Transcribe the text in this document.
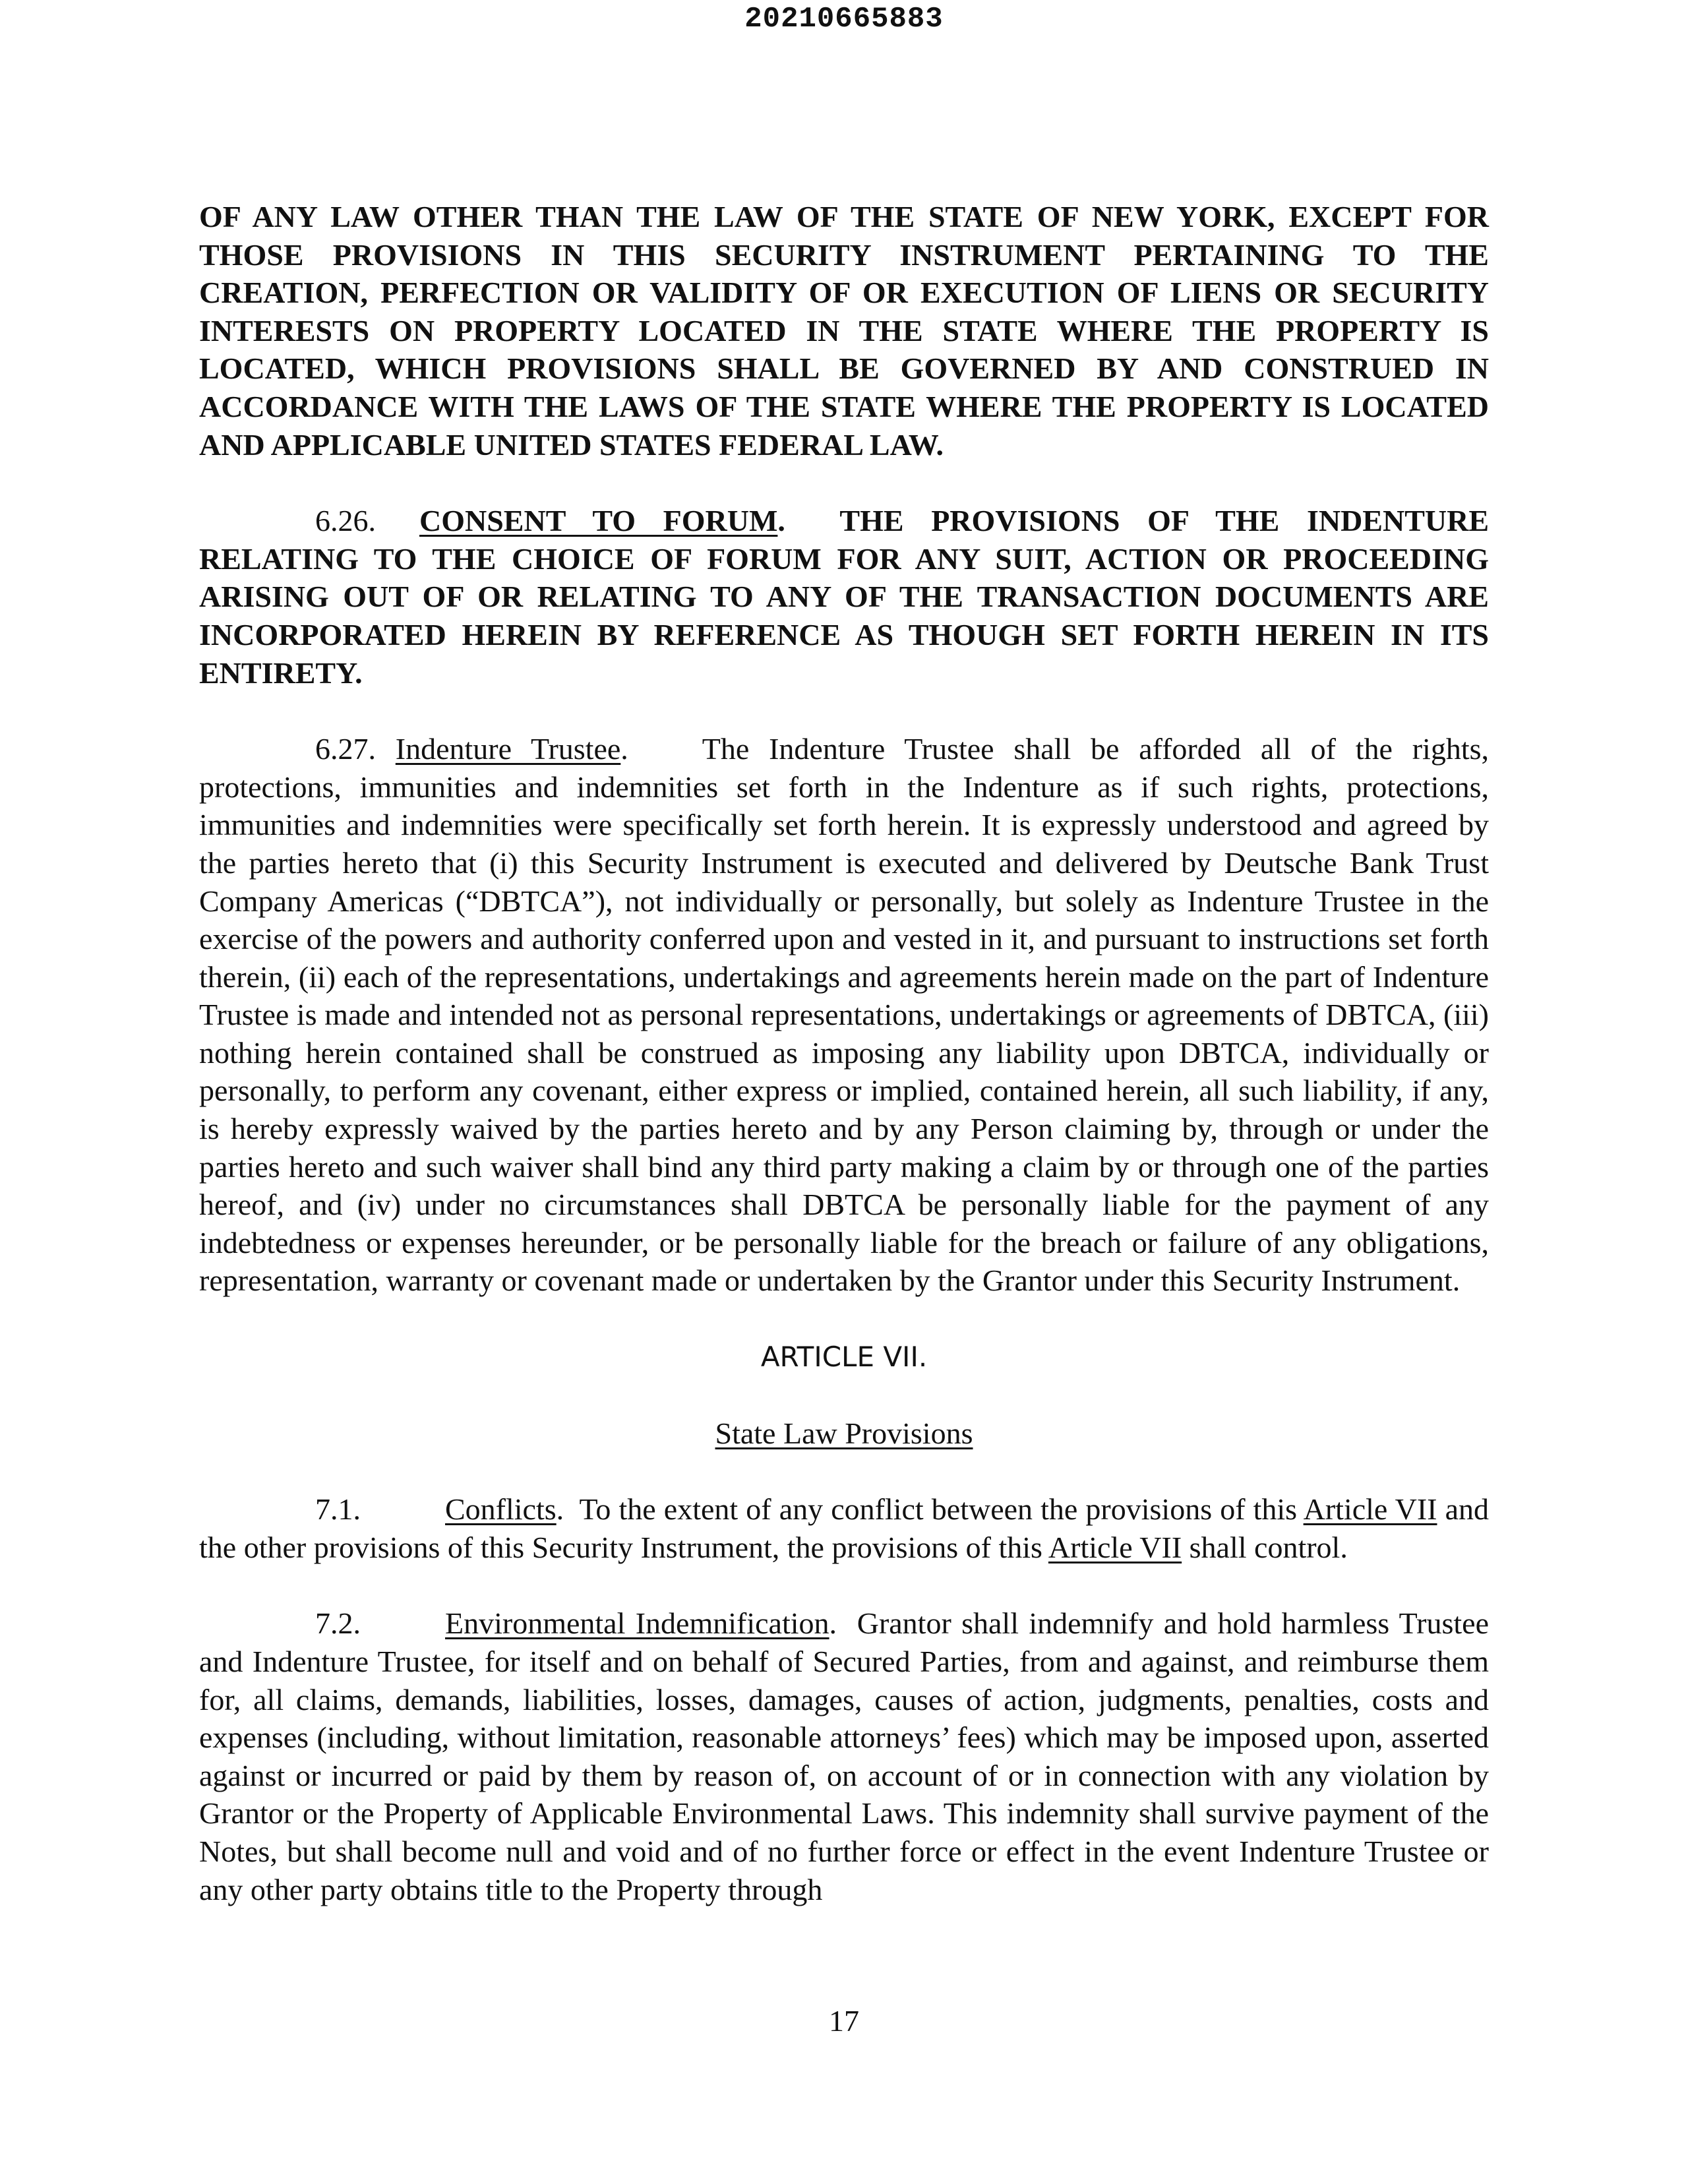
20210665883

OF ANY LAW OTHER THAN THE LAW OF THE STATE OF NEW YORK, EXCEPT FOR THOSE PROVISIONS IN THIS SECURITY INSTRUMENT PERTAINING TO THE CREATION, PERFECTION OR VALIDITY OF OR EXECUTION OF LIENS OR SECURITY INTERESTS ON PROPERTY LOCATED IN THE STATE WHERE THE PROPERTY IS LOCATED, WHICH PROVISIONS SHALL BE GOVERNED BY AND CONSTRUED IN ACCORDANCE WITH THE LAWS OF THE STATE WHERE THE PROPERTY IS LOCATED AND APPLICABLE UNITED STATES FEDERAL LAW.

6.26. CONSENT TO FORUM. THE PROVISIONS OF THE INDENTURE RELATING TO THE CHOICE OF FORUM FOR ANY SUIT, ACTION OR PROCEEDING ARISING OUT OF OR RELATING TO ANY OF THE TRANSACTION DOCUMENTS ARE INCORPORATED HEREIN BY REFERENCE AS THOUGH SET FORTH HEREIN IN ITS ENTIRETY.

6.27. Indenture Trustee. The Indenture Trustee shall be afforded all of the rights, protections, immunities and indemnities set forth in the Indenture as if such rights, protections, immunities and indemnities were specifically set forth herein. It is expressly understood and agreed by the parties hereto that (i) this Security Instrument is executed and delivered by Deutsche Bank Trust Company Americas (“DBTCA”), not individually or personally, but solely as Indenture Trustee in the exercise of the powers and authority conferred upon and vested in it, and pursuant to instructions set forth therein, (ii) each of the representations, undertakings and agreements herein made on the part of Indenture Trustee is made and intended not as personal representations, undertakings or agreements of DBTCA, (iii) nothing herein contained shall be construed as imposing any liability upon DBTCA, individually or personally, to perform any covenant, either express or implied, contained herein, all such liability, if any, is hereby expressly waived by the parties hereto and by any Person claiming by, through or under the parties hereto and such waiver shall bind any third party making a claim by or through one of the parties hereof, and (iv) under no circumstances shall DBTCA be personally liable for the payment of any indebtedness or expenses hereunder, or be personally liable for the breach or failure of any obligations, representation, warranty or covenant made or undertaken by the Grantor under this Security Instrument.

ARTICLE VII.

State Law Provisions

7.1.	Conflicts. To the extent of any conflict between the provisions of this Article VII and the other provisions of this Security Instrument, the provisions of this Article VII shall control.

7.2.	Environmental Indemnification. Grantor shall indemnify and hold harmless Trustee and Indenture Trustee, for itself and on behalf of Secured Parties, from and against, and reimburse them for, all claims, demands, liabilities, losses, damages, causes of action, judgments, penalties, costs and expenses (including, without limitation, reasonable attorneys’ fees) which may be imposed upon, asserted against or incurred or paid by them by reason of, on account of or in connection with any violation by Grantor or the Property of Applicable Environmental Laws. This indemnity shall survive payment of the Notes, but shall become null and void and of no further force or effect in the event Indenture Trustee or any other party obtains title to the Property through

17
